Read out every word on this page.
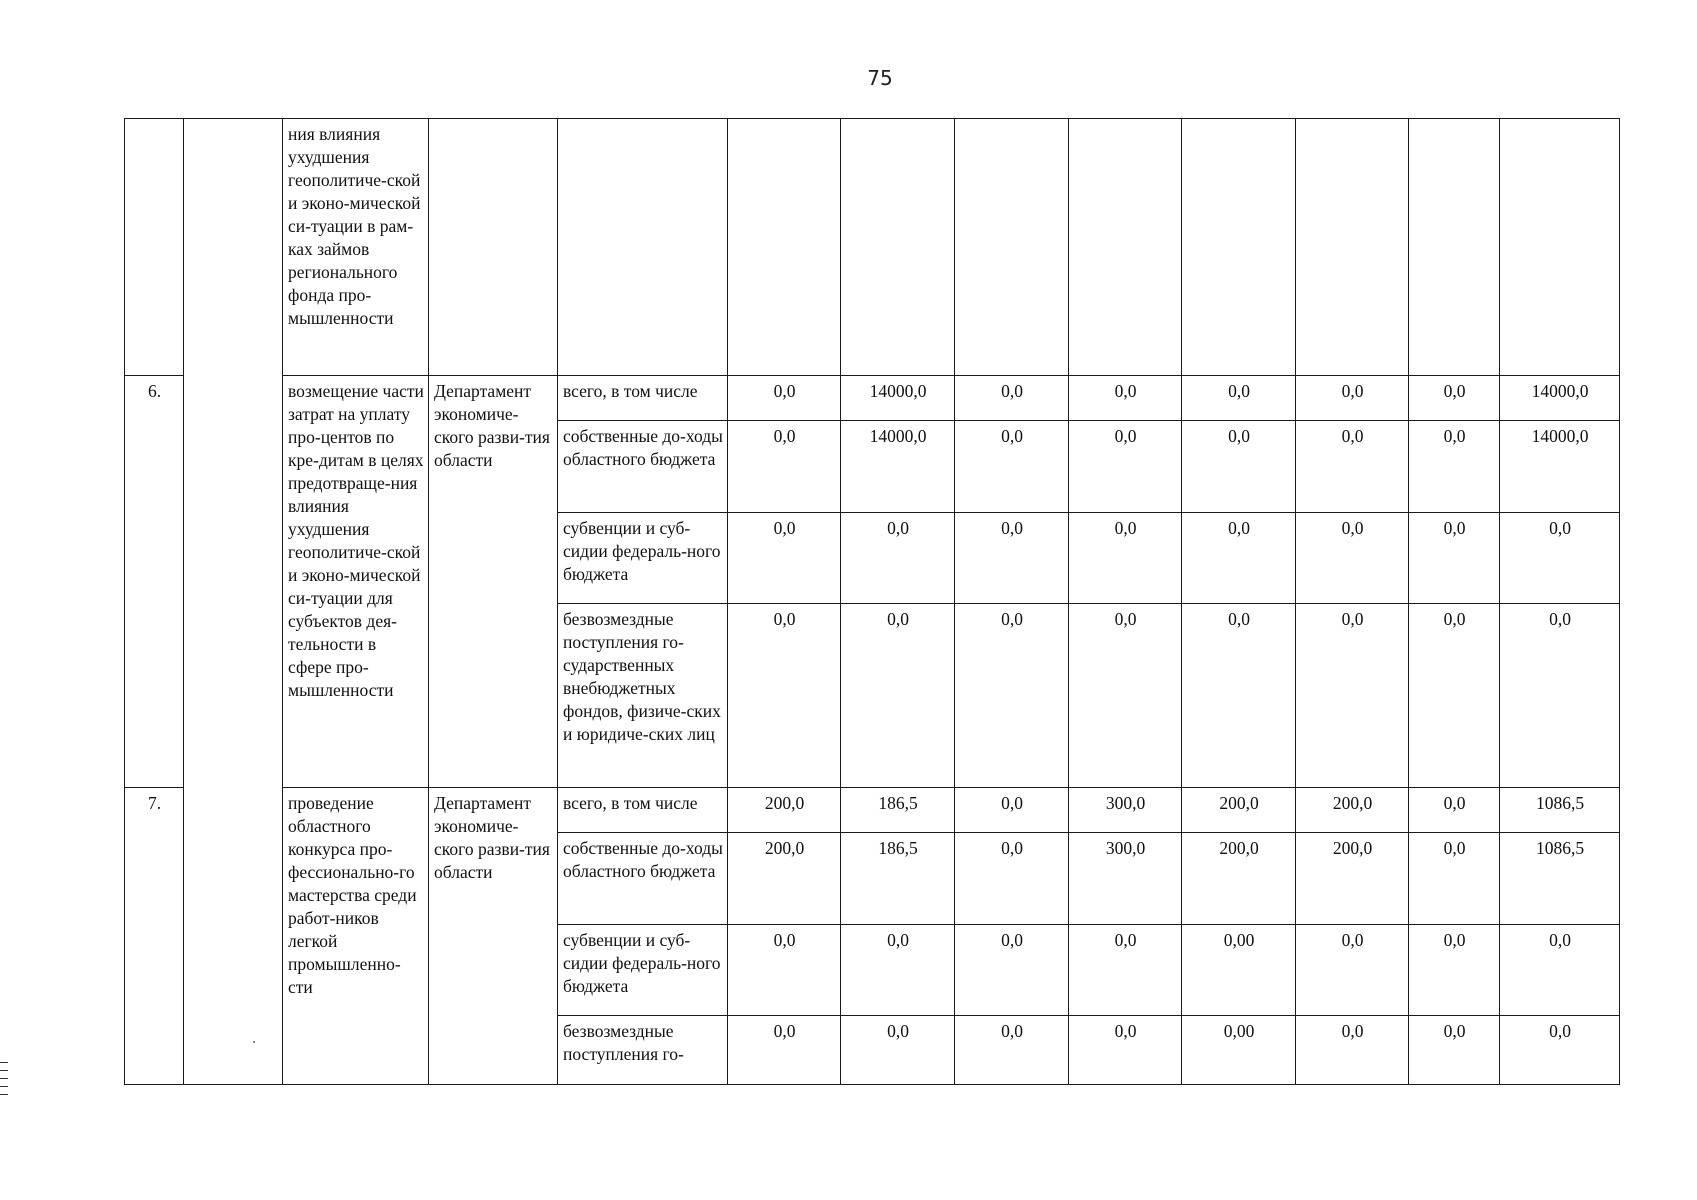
75
		ния влияния ухудшения геополитиче-ской и эконо-мической си-туации в рам-ках займов регионального фонда про-мышленности										
6.		возмещение части затрат на уплату про-центов по кре-дитам в целях предотвраще-ния влияния ухудшения геополитиче-ской и эконо-мической си-туации для субъектов дея-тельности в сфере про-мышленности	Департамент экономиче-ского разви-тия области	всего, в том числе	0,0	14000,0	0,0	0,0	0,0	0,0	0,0	14000,0
				собственные до-ходы областного бюджета	0,0	14000,0	0,0	0,0	0,0	0,0	0,0	14000,0
				субвенции и суб-сидии федераль-ного бюджета	0,0	0,0	0,0	0,0	0,0	0,0	0,0	0,0
				безвозмездные поступления го-сударственных внебюджетных фондов, физиче-ских и юридиче-ских лиц	0,0	0,0	0,0	0,0	0,0	0,0	0,0	0,0
7.		проведение областного конкурса про-фессионально-го мастерства среди работ-ников легкой промышленно-сти	Департамент экономиче-ского разви-тия области	всего, в том числе	200,0	186,5	0,0	300,0	200,0	200,0	0,0	1086,5
				собственные до-ходы областного бюджета	200,0	186,5	0,0	300,0	200,0	200,0	0,0	1086,5
				субвенции и суб-сидии федераль-ного бюджета	0,0	0,0	0,0	0,0	0,00	0,0	0,0	0,0
				безвозмездные поступления го-	0,0	0,0	0,0	0,0	0,00	0,0	0,0	0,0
